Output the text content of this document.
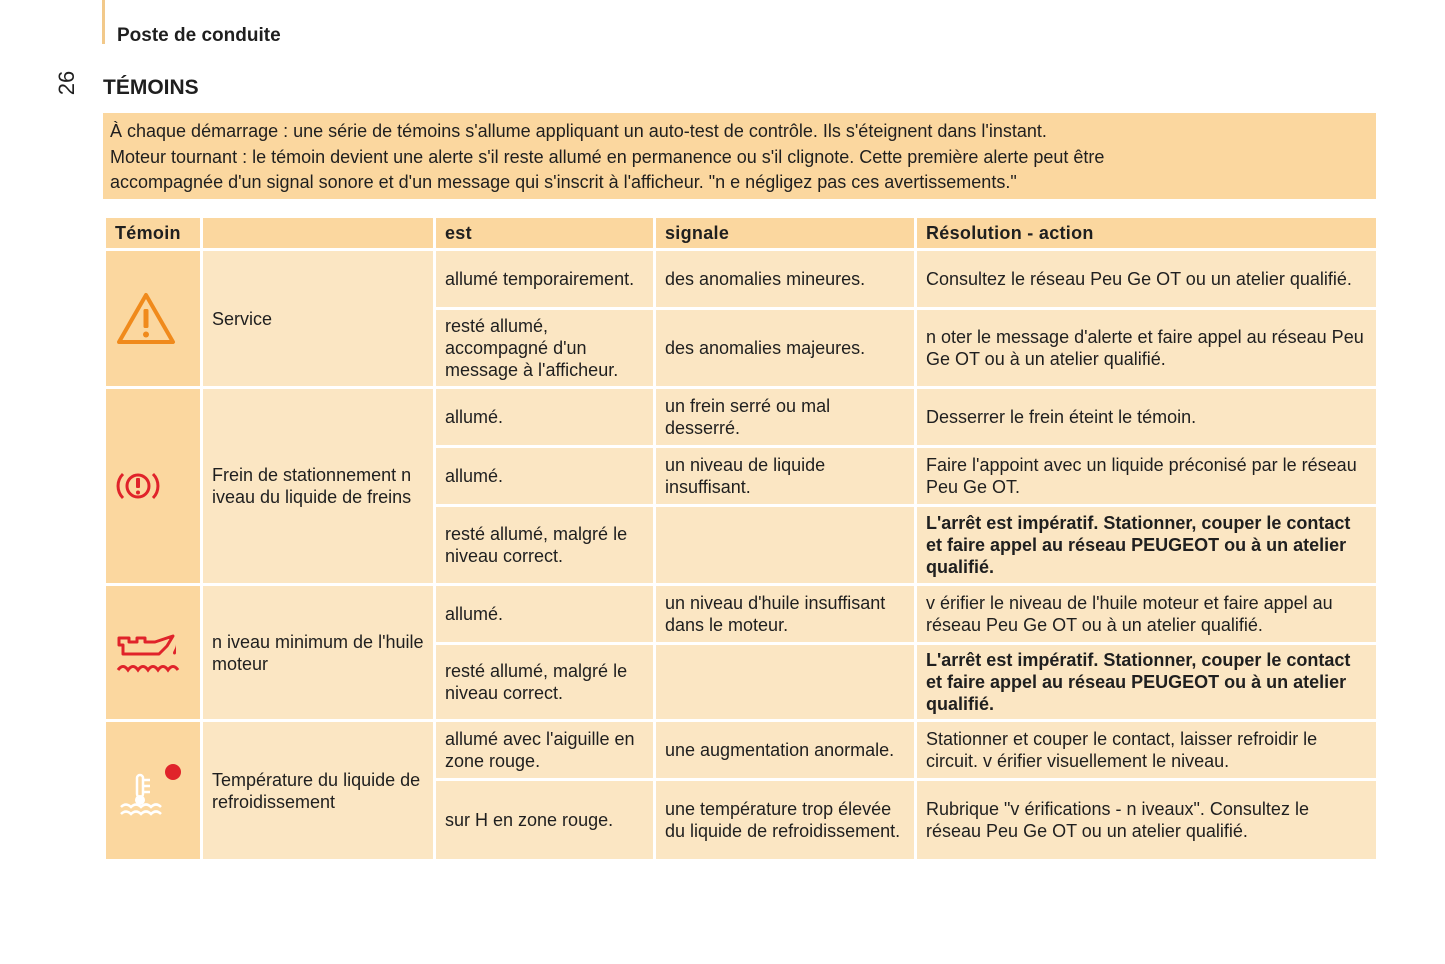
Poste de conduite
26 TÉMOINS
À chaque démarrage : une série de témoins s'allume appliquant un auto-test de contrôle. Ils s'éteignent dans l'instant.
Moteur tournant : le témoin devient une alerte s'il reste allumé en permanence ou s'il clignote. Cette première alerte peut être
accompagnée d'un signal sonore et d'un message qui s'inscrit à l'afficheur. "n e négligez pas ces avertissements."
Témoin		est	signale	Résolution - action
	Service	allumé temporairement.	des anomalies mineures.	Consultez le réseau Peu Ge OT ou un atelier qualifié.
		resté allumé, accompagné d'un message à l'afficheur.	des anomalies majeures.	n oter le message d'alerte et faire appel au réseau Peu Ge OT ou à un atelier qualifié.
	Frein de stationnement n iveau du liquide de freins	allumé.	un frein serré ou mal desserré.	Desserrer le frein éteint le témoin.
		allumé.	un niveau de liquide insuffisant.	Faire l'appoint avec un liquide préconisé par le réseau Peu Ge OT.
		resté allumé, malgré le niveau correct.		L'arrêt est impératif. Stationner, couper le contact et faire appel au réseau PEUGEOT ou à un atelier qualifié.
	n iveau minimum de l'huile moteur	allumé.	un niveau d'huile insuffisant dans le moteur.	v érifier le niveau de l'huile moteur et faire appel au réseau Peu Ge OT ou à un atelier qualifié.
		resté allumé, malgré le niveau correct.		L'arrêt est impératif. Stationner, couper le contact et faire appel au réseau PEUGEOT ou à un atelier qualifié.
	Température du liquide de refroidissement	allumé avec l'aiguille en zone rouge.	une augmentation anormale.	Stationner et couper le contact, laisser refroidir le circuit. v érifier visuellement le niveau.
		sur H en zone rouge.	une température trop élevée du liquide de refroidissement.	Rubrique "v érifications - n iveaux". Consultez le réseau Peu Ge OT ou un atelier qualifié.
